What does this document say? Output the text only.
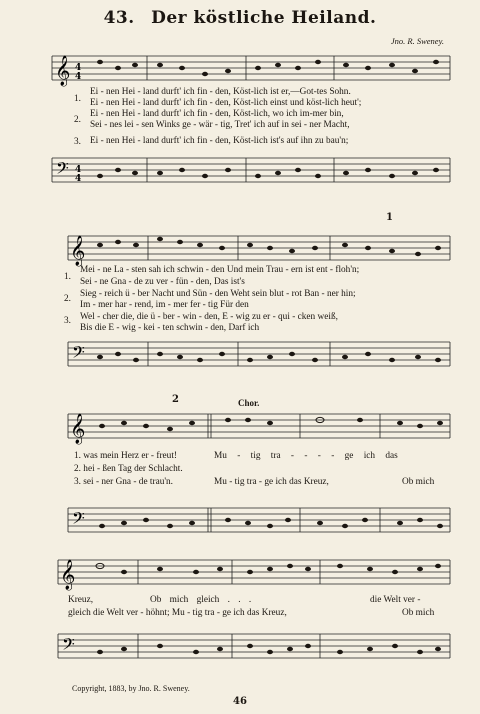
43. Der köstliche Heiland.
Jno. R. Sweney.
𝄞 4
4
𝄢 4
4
1.
2.
3.
Ei - nen Hei - land durft' ich fin - den, Köst-lich ist er,—Got-tes Sohn.
Ei - nen Hei - land durft' ich fin - den, Köst-lich einst und köst-lich heut';
Ei - nen Hei - land durft' ich fin - den, Köst-lich, wo ich im-mer bin,
Sei - nes lei - sen Winks ge - wär - tig, Tret' ich auf in sei - ner Macht,
Ei - nen Hei - land durft' ich fin - den, Köst-lich ist's auf ihn zu bau'n;
𝄞
1
𝄢
1.
2.
3.
Mei - ne La - sten sah ich schwin - den Und mein Trau - ern ist ent - floh'n;
Sei - ne Gna - de zu ver - fün - den, Das ist's
Sieg - reich ü - ber Nacht und Sün - den Weht sein blut - rot Ban - ner hin;
Im - mer har - rend, im - mer fer - tig Für den
Wel - cher die, die ü - ber - win - den, E - wig zu er - qui - cken weiß,
Bis die E - wig - kei - ten schwin - den, Darf ich
2	Chor.
𝄞
𝄢
1. was mein Herz er - freut!
2. hei - ßen Tag der Schlacht.
3. sei - ner Gna - de trau'n.
Mu - tig tra - - - - ge ich das
Mu - tig tra - ge ich das Kreuz,	Ob mich
𝄞
𝄢
Kreuz,	Ob mich gleich . . .	die Welt ver -
gleich die Welt ver - höhnt; Mu - tig tra - ge ich das Kreuz,	Ob mich
Copyright, 1883, by Jno. R. Sweney.
46
